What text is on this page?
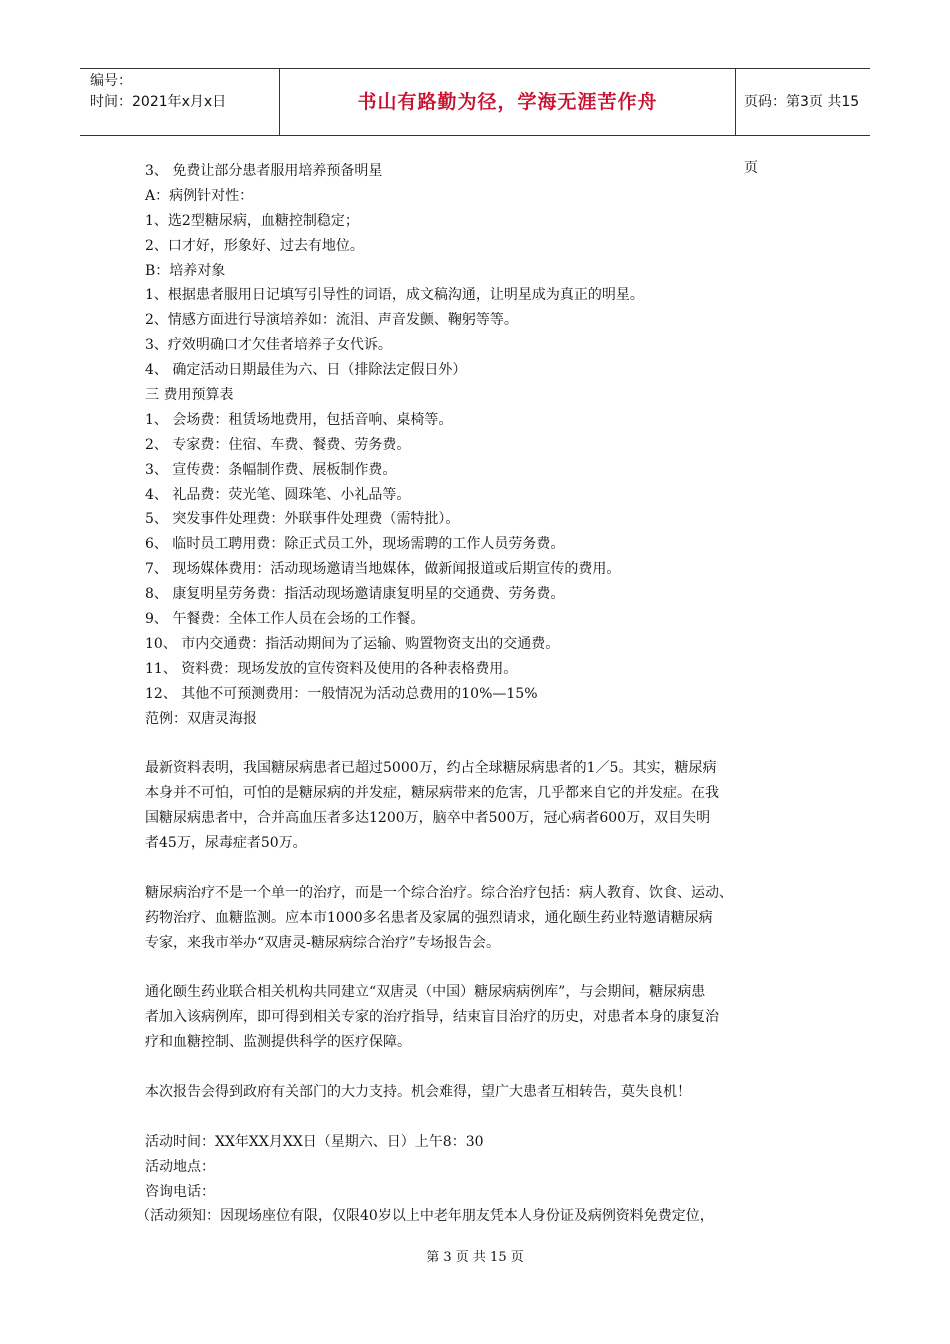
编号：
时间：2021年x月x日	书山有路勤为径，学海无涯苦作舟	页码：第3页 共15页
3、 免费让部分患者服用培养预备明星
A：病例针对性：
1、选2型糖尿病，血糖控制稳定；
2、口才好，形象好、过去有地位。
B：培养对象
1、根据患者服用日记填写引导性的词语，成文稿沟通，让明星成为真正的明星。
2、情感方面进行导演培养如：流泪、声音发颤、鞠躬等等。
3、疗效明确口才欠佳者培养子女代诉。
4、 确定活动日期最佳为六、日（排除法定假日外）
三 费用预算表
1、 会场费：租赁场地费用，包括音响、桌椅等。
2、 专家费：住宿、车费、餐费、劳务费。
3、 宣传费：条幅制作费、展板制作费。
4、 礼品费：荧光笔、圆珠笔、小礼品等。
5、 突发事件处理费：外联事件处理费（需特批）。
6、 临时员工聘用费：除正式员工外，现场需聘的工作人员劳务费。
7、 现场媒体费用：活动现场邀请当地媒体，做新闻报道或后期宣传的费用。
8、 康复明星劳务费：指活动现场邀请康复明星的交通费、劳务费。
9、 午餐费：全体工作人员在会场的工作餐。
10、 市内交通费：指活动期间为了运输、购置物资支出的交通费。
11、 资料费：现场发放的宣传资料及使用的各种表格费用。
12、 其他不可预测费用：一般情况为活动总费用的10%—15%
范例：双唐灵海报
最新资料表明，我国糖尿病患者已超过5000万，约占全球糖尿病患者的1／5。其实，糖尿病
本身并不可怕，可怕的是糖尿病的并发症，糖尿病带来的危害，几乎都来自它的并发症。在我
国糖尿病患者中，合并高血压者多达1200万，脑卒中者500万，冠心病者600万，双目失明
者45万，尿毒症者50万。
糖尿病治疗不是一个单一的治疗，而是一个综合治疗。综合治疗包括：病人教育、饮食、运动、
药物治疗、血糖监测。应本市1000多名患者及家属的强烈请求，通化颐生药业特邀请糖尿病
专家，来我市举办“双唐灵-糖尿病综合治疗”专场报告会。
通化颐生药业联合相关机构共同建立“双唐灵（中国）糖尿病病例库”，与会期间，糖尿病患
者加入该病例库，即可得到相关专家的治疗指导，结束盲目治疗的历史，对患者本身的康复治
疗和血糖控制、监测提供科学的医疗保障。
本次报告会得到政府有关部门的大力支持。机会难得，望广大患者互相转告，莫失良机！
活动时间：XX年XX月XX日（星期六、日）上午8：30
活动地点：
咨询电话：
（活动须知：因现场座位有限，仅限40岁以上中老年朋友凭本人身份证及病例资料免费定位，
第 3 页 共 15 页
